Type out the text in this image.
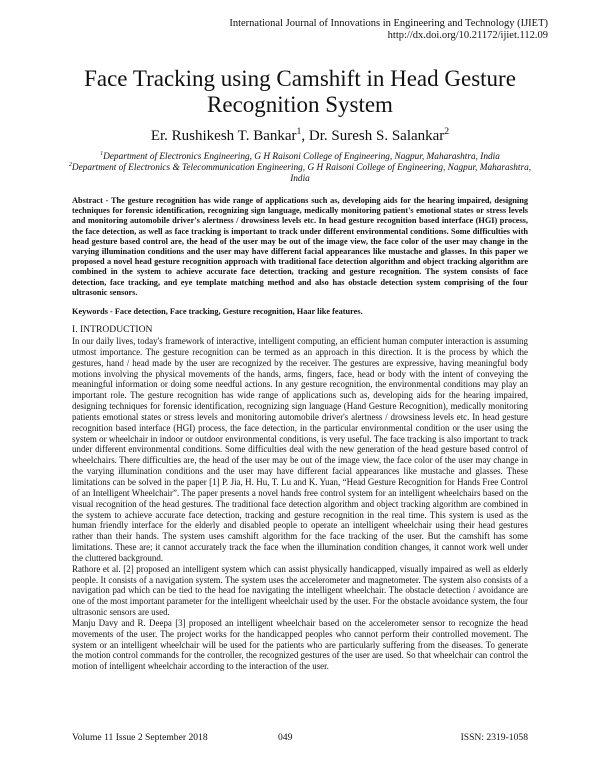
International Journal of Innovations in Engineering and Technology (IJIET)
http://dx.doi.org/10.21172/ijiet.112.09
Face Tracking using Camshift in Head Gesture Recognition System
Er. Rushikesh T. Bankar$^1$, Dr. Suresh S. Salankar$^2$
$^1$Department of Electronics Engineering, G H Raisoni College of Engineering, Nagpur, Maharashtra, India
$^2$Department of Electronics & Telecommunication Engineering, G H Raisoni College of Engineering, Nagpur, Maharashtra, India
Abstract - The gesture recognition has wide range of applications such as, developing aids for the hearing impaired, designing techniques for forensic identification, recognizing sign language, medically monitoring patient's emotional states or stress levels and monitoring automobile driver's alertness / drowsiness levels etc. In head gesture recognition based interface (HGI) process, the face detection, as well as face tracking is important to track under different environmental conditions. Some difficulties with head gesture based control are, the head of the user may be out of the image view, the face color of the user may change in the varying illumination conditions and the user may have different facial appearances like mustache and glasses. In this paper we proposed a novel head gesture recognition approach with traditional face detection algorithm and object tracking algorithm are combined in the system to achieve accurate face detection, tracking and gesture recognition. The system consists of face detection, face tracking, and eye template matching method and also has obstacle detection system comprising of the four ultrasonic sensors.
Keywords - Face detection, Face tracking, Gesture recognition, Haar like features.
I. INTRODUCTION

In our daily lives, today's framework of interactive, intelligent computing, an efficient human computer interaction is assuming utmost importance. The gesture recognition can be termed as an approach in this direction. It is the process by which the gestures, hand / head made by the user are recognized by the receiver. The gestures are expressive, having meaningful body motions involving the physical movements of the hands, arms, fingers, face, head or body with the intent of conveying the meaningful information or doing some needful actions. In any gesture recognition, the environmental conditions may play an important role. The gesture recognition has wide range of applications such as, developing aids for the hearing impaired, designing techniques for forensic identification, recognizing sign language (Hand Gesture Recognition), medically monitoring patients emotional states or stress levels and monitoring automobile driver's alertness / drowsiness levels etc. In head gesture recognition based interface (HGI) process, the face detection, in the particular environmental condition or the user using the system or wheelchair in indoor or outdoor environmental conditions, is very useful. The face tracking is also important to track under different environmental conditions. Some difficulties deal with the new generation of the head gesture based control of wheelchairs. There difficulties are, the head of the user may be out of the image view, the face color of the user may change in the varying illumination conditions and the user may have different facial appearances like mustache and glasses. These limitations can be solved in the paper [1] P. Jia, H. Hu, T. Lu and K. Yuan, “Head Gesture Recognition for Hands Free Control of an Intelligent Wheelchair”. The paper presents a novel hands free control system for an intelligent wheelchairs based on the visual recognition of the head gestures. The traditional face detection algorithm and object tracking algorithm are combined in the system to achieve accurate face detection, tracking and gesture recognition in the real time. This system is used as the human friendly interface for the elderly and disabled people to operate an intelligent wheelchair using their head gestures rather than their hands. The system uses camshift algorithm for the face tracking of the user. But the camshift has some limitations. These are; it cannot accurately track the face when the illumination condition changes, it cannot work well under the cluttered background.

Rathore et al. [2] proposed an intelligent system which can assist physically handicapped, visually impaired as well as elderly people. It consists of a navigation system. The system uses the accelerometer and magnetometer. The system also consists of a navigation pad which can be tied to the head foe navigating the intelligent wheelchair. The obstacle detection / avoidance are one of the most important parameter for the intelligent wheelchair used by the user. For the obstacle avoidance system, the four ultrasonic sensors are used.

Manju Davy and R. Deepa [3] proposed an intelligent wheelchair based on the accelerometer sensor to recognize the head movements of the user. The project works for the handicapped peoples who cannot perform their controlled movement. The system or an intelligent wheelchair will be used for the patients who are particularly suffering from the diseases. To generate the motion control commands for the controller, the recognized gestures of the user are used. So that wheelchair can control the motion of intelligent wheelchair according to the interaction of the user.

Volume 11 Issue 2 September 2018	049	ISSN: 2319-1058
